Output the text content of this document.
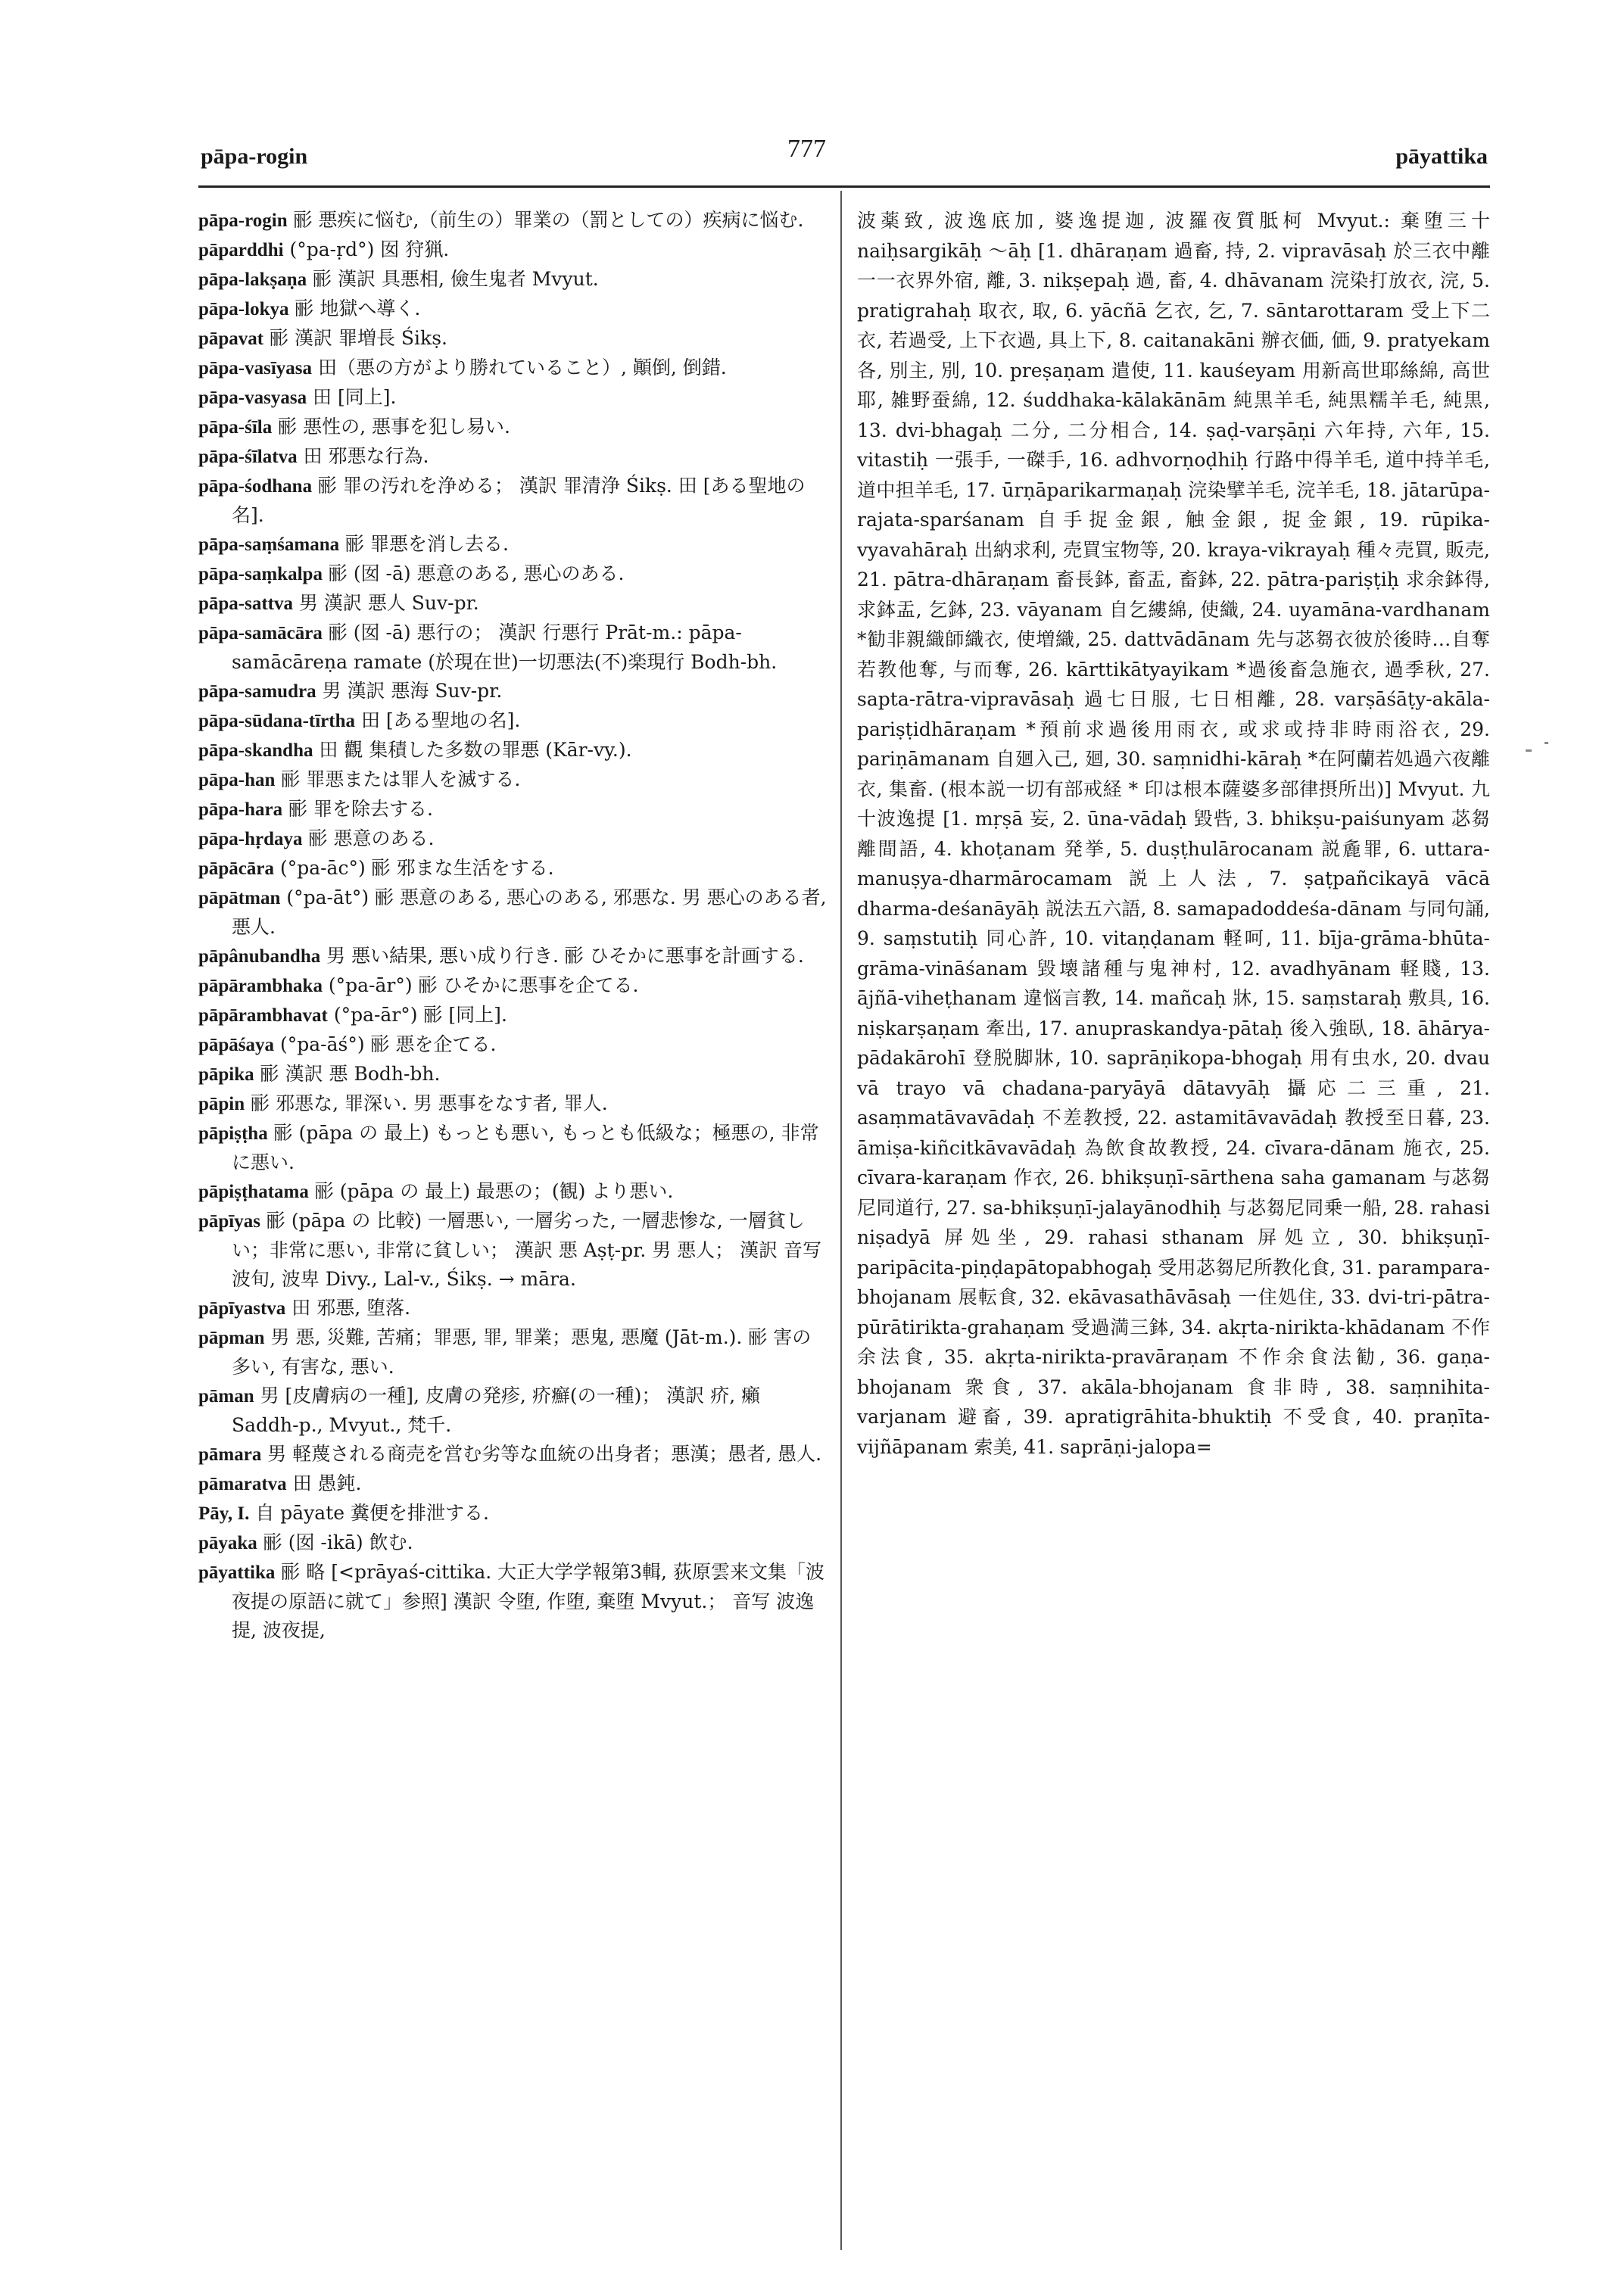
pāpa-rogin	777	pāyattika

pāpa-rogin 彨 悪疾に悩む,（前生の）罪業の（罰としての）疾病に悩む.

pāparddhi (°pa-ṛd°) 囡 狩猟.

pāpa-lakṣaṇa 彨 漢訳 具悪相, 儉生鬼者 Mvyut.

pāpa-lokya 彨 地獄へ導く.

pāpavat 彨 漢訳 罪増長 Śikṣ.

pāpa-vasīyasa 田（悪の方がより勝れていること）, 顚倒, 倒錯.

pāpa-vasyasa 田 [同上].

pāpa-śīla 彨 悪性の, 悪事を犯し易い.

pāpa-śīlatva 田 邪悪な行為.

pāpa-śodhana 彨 罪の汚れを浄める； 漢訳 罪清浄 Śikṣ. 田 [ある聖地の名].

pāpa-saṃśamana 彨 罪悪を消し去る.

pāpa-saṃkalpa 彨 (囡 -ā) 悪意のある, 悪心のある.

pāpa-sattva 男 漢訳 悪人 Suv-pr.

pāpa-samācāra 彨 (囡 -ā) 悪行の； 漢訳 行悪行 Prāt-m.: pāpa-samācāreṇa ramate (於現在世)一切悪法(不)楽現行 Bodh-bh.

pāpa-samudra 男 漢訳 悪海 Suv-pr.

pāpa-sūdana-tīrtha 田 [ある聖地の名].

pāpa-skandha 田 觀 集積した多数の罪悪 (Kār-vy.).

pāpa-han 彨 罪悪または罪人を滅する.

pāpa-hara 彨 罪を除去する.

pāpa-hṛdaya 彨 悪意のある.

pāpācāra (°pa-āc°) 彨 邪まな生活をする.

pāpātman (°pa-āt°) 彨 悪意のある, 悪心のある, 邪悪な. 男 悪心のある者, 悪人.

pāpânubandha 男 悪い結果, 悪い成り行き. 彨 ひそかに悪事を計画する.

pāpārambhaka (°pa-ār°) 彨 ひそかに悪事を企てる.

pāpārambhavat (°pa-ār°) 彨 [同上].

pāpāśaya (°pa-āś°) 彨 悪を企てる.

pāpika 彨 漢訳 悪 Bodh-bh.

pāpin 彨 邪悪な, 罪深い. 男 悪事をなす者, 罪人.

pāpiṣṭha 彨 (pāpa の 最上) もっとも悪い, もっとも低級な；極悪の, 非常に悪い.

pāpiṣṭhatama 彨 (pāpa の 最上) 最悪の；(観) より悪い.

pāpīyas 彨 (pāpa の 比較) 一層悪い, 一層劣った, 一層悲惨な, 一層貧しい；非常に悪い, 非常に貧しい； 漢訳 悪 Aṣṭ-pr. 男 悪人； 漢訳 音写 波旬, 波卑 Divy., Lal-v., Śikṣ. → māra.

pāpīyastva 田 邪悪, 堕落.

pāpman 男 悪, 災難, 苦痛；罪悪, 罪, 罪業；悪鬼, 悪魔 (Jāt-m.). 彨 害の多い, 有害な, 悪い.

pāman 男 [皮膚病の一種], 皮膚の発疹, 疥癬(の一種)； 漢訳 疥, 癩 Saddh-p., Mvyut., 梵千.

pāmara 男 軽蔑される商売を営む劣等な血統の出身者；悪漢；愚者, 愚人.

pāmaratva 田 愚鈍.

Pāy, I. 自 pāyate 糞便を排泄する.

pāyaka 彨 (囡 -ikā) 飲む.

pāyattika 彨 略 [<prāyaś-cittika. 大正大学学報第3輯, 荻原雲来文集「波夜提の原語に就て」参照] 漢訳 令堕, 作堕, 棄堕 Mvyut.； 音写 波逸提, 波夜提,

波薬致, 波逸底加, 婆逸提迦, 波羅夜質胝柯 Mvyut.: 棄堕三十 naiḥsargikāḥ ～āḥ [1. dhāraṇam 過畜, 持, 2. vipravāsaḥ 於三衣中離一一衣界外宿, 離, 3. nikṣepaḥ 過, 畜, 4. dhāvanam 浣染打放衣, 浣, 5. pratigrahaḥ 取衣, 取, 6. yācñā 乞衣, 乞, 7. sāntarottaram 受上下二衣, 若過受, 上下衣過, 具上下, 8. caitanakāni 辦衣価, 価, 9. pratyekam 各, 別主, 別, 10. preṣaṇam 遣使, 11. kauśeyam 用新高世耶絲綿, 高世耶, 雑野蚕綿, 12. śuddhaka-kālakānām 純黒羊毛, 純黒糯羊毛, 純黒, 13. dvi-bhagaḥ 二分, 二分相合, 14. ṣaḍ-varṣāṇi 六年持, 六年, 15. vitastiḥ 一張手, 一磔手, 16. adhvorṇoḍhiḥ 行路中得羊毛, 道中持羊毛, 道中担羊毛, 17. ūrṇāparikarmaṇaḥ 浣染擘羊毛, 浣羊毛, 18. jātarūpa-rajata-sparśanam 自手捉金銀, 触金銀, 捉金銀, 19. rūpika-vyavahāraḥ 出納求利, 売買宝物等, 20. kraya-vikrayaḥ 種々売買, 販売, 21. pātra-dhāraṇam 畜長鉢, 畜盂, 畜鉢, 22. pātra-pariṣṭiḥ 求余鉢得, 求鉢盂, 乞鉢, 23. vāyanam 自乞縷綿, 使織, 24. uyamāna-vardhanam *勧非親織師織衣, 使増織, 25. dattvādānam 先与苾芻衣彼於後時…自奪若教他奪, 与而奪, 26. kārttikātyayikam *過後畜急施衣, 過季秋, 27. sapta-rātra-vipravāsaḥ 過七日服, 七日相離, 28. varṣāśāṭy-akāla-pariṣṭidhāraṇam *預前求過後用雨衣, 或求或持非時雨浴衣, 29. pariṇāmanam 自廻入己, 廻, 30. saṃnidhi-kāraḥ *在阿蘭若処過六夜離衣, 集畜. (根本説一切有部戒経 * 印は根本薩婆多部律摂所出)] Mvyut. 九十波逸提 [1. mṛṣā 妄, 2. ūna-vādaḥ 毀呰, 3. bhikṣu-paiśunyam 苾芻離間語, 4. khoṭanam 発挙, 5. duṣṭhulārocanam 説麁罪, 6. uttara-manuṣya-dharmārocamam 説上人法, 7. ṣaṭpañcikayā vācā dharma-deśanāyāḥ 説法五六語, 8. samapadoddeśa-dānam 与同句誦, 9. saṃstutiḥ 同心許, 10. vitaṇḍanam 軽呵, 11. bīja-grāma-bhūta-grāma-vināśanam 毀壊諸種与鬼神村, 12. avadhyānam 軽賤, 13. ājñā-viheṭhanam 違悩言教, 14. mañcaḥ 牀, 15. saṃstaraḥ 敷具, 16. niṣkarṣaṇam 牽出, 17. anupraskandya-pātaḥ 後入強臥, 18. āhārya-pādakārohī 登脱脚牀, 10. saprāṇikopa-bhogaḥ 用有虫水, 20. dvau vā trayo vā chadana-paryāyā dātavyāḥ 攝応二三重, 21. asaṃmatāvavādaḥ 不差教授, 22. astamitāvavādaḥ 教授至日暮, 23. āmiṣa-kiñcitkāvavādaḥ 為飲食故教授, 24. cīvara-dānam 施衣, 25. cīvara-karaṇam 作衣, 26. bhikṣuṇī-sārthena saha gamanam 与苾芻尼同道行, 27. sa-bhikṣuṇī-jalayānodhiḥ 与苾芻尼同乗一船, 28. rahasi niṣadyā 屏処坐, 29. rahasi sthanam 屏処立, 30. bhikṣuṇī-paripācita-piṇḍapātopabhogaḥ 受用苾芻尼所教化食, 31. parampara-bhojanam 展転食, 32. ekāvasathāvāsaḥ 一住処住, 33. dvi-tri-pātra-pūrātirikta-grahaṇam 受過満三鉢, 34. akṛta-nirikta-khādanam 不作余法食, 35. akṛta-nirikta-pravāraṇam 不作余食法勧, 36. gaṇa-bhojanam 衆食, 37. akāla-bhojanam 食非時, 38. saṃnihita-varjanam 避畜, 39. apratigrāhita-bhuktiḥ 不受食, 40. praṇīta-vijñāpanam 索美, 41. saprāṇi-jalopa=
